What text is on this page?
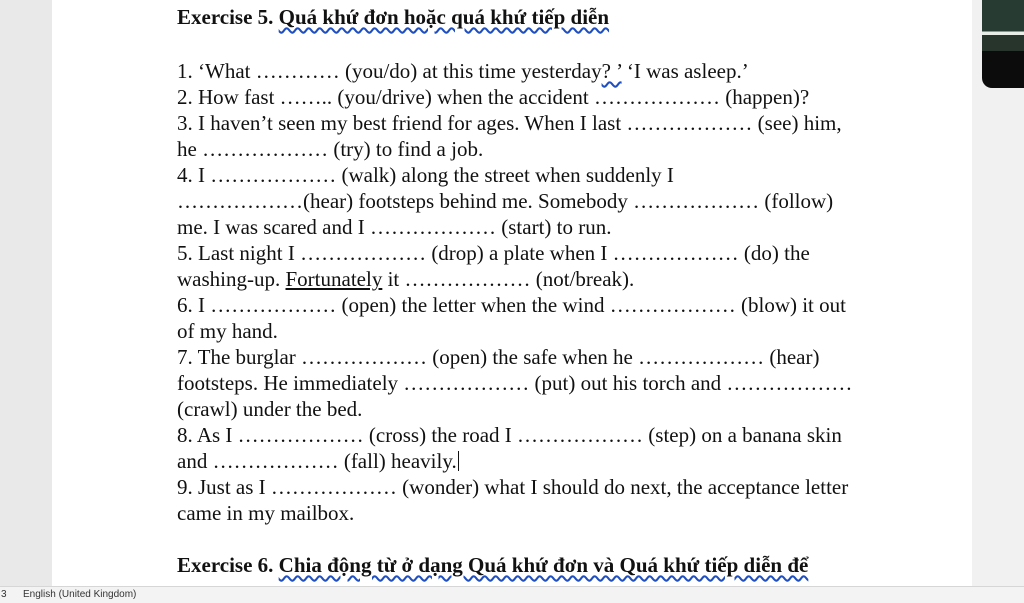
Exercise 5. Quá khứ đơn hoặc quá khứ tiếp diễn
1. ‘What ………… (you/do) at this time yesterday? ’ ‘I was asleep.’
2. How fast …….. (you/drive) when the accident ……………… (happen)?
3. I haven’t seen my best friend for ages. When I last ……………… (see) him,
he ……………… (try) to find a job.
4. I ……………… (walk) along the street when suddenly I
………………(hear) footsteps behind me. Somebody ……………… (follow)
me. I was scared and I ……………… (start) to run.
5. Last night I ……………… (drop) a plate when I ……………… (do) the
washing-up. Fortunately it ……………… (not/break).
6. I ……………… (open) the letter when the wind ……………… (blow) it out
of my hand.
7. The burglar ……………… (open) the safe when he ……………… (hear)
footsteps. He immediately ……………… (put) out his torch and ………………
(crawl) under the bed.
8. As I ……………… (cross) the road I ……………… (step) on a banana skin
and ……………… (fall) heavily.
9. Just as I ……………… (wonder) what I should do next, the acceptance letter
came in my mailbox.
Exercise 6. Chia động từ ở dạng Quá khứ đơn và Quá khứ tiếp diễn để
3 English (United Kingdom)
